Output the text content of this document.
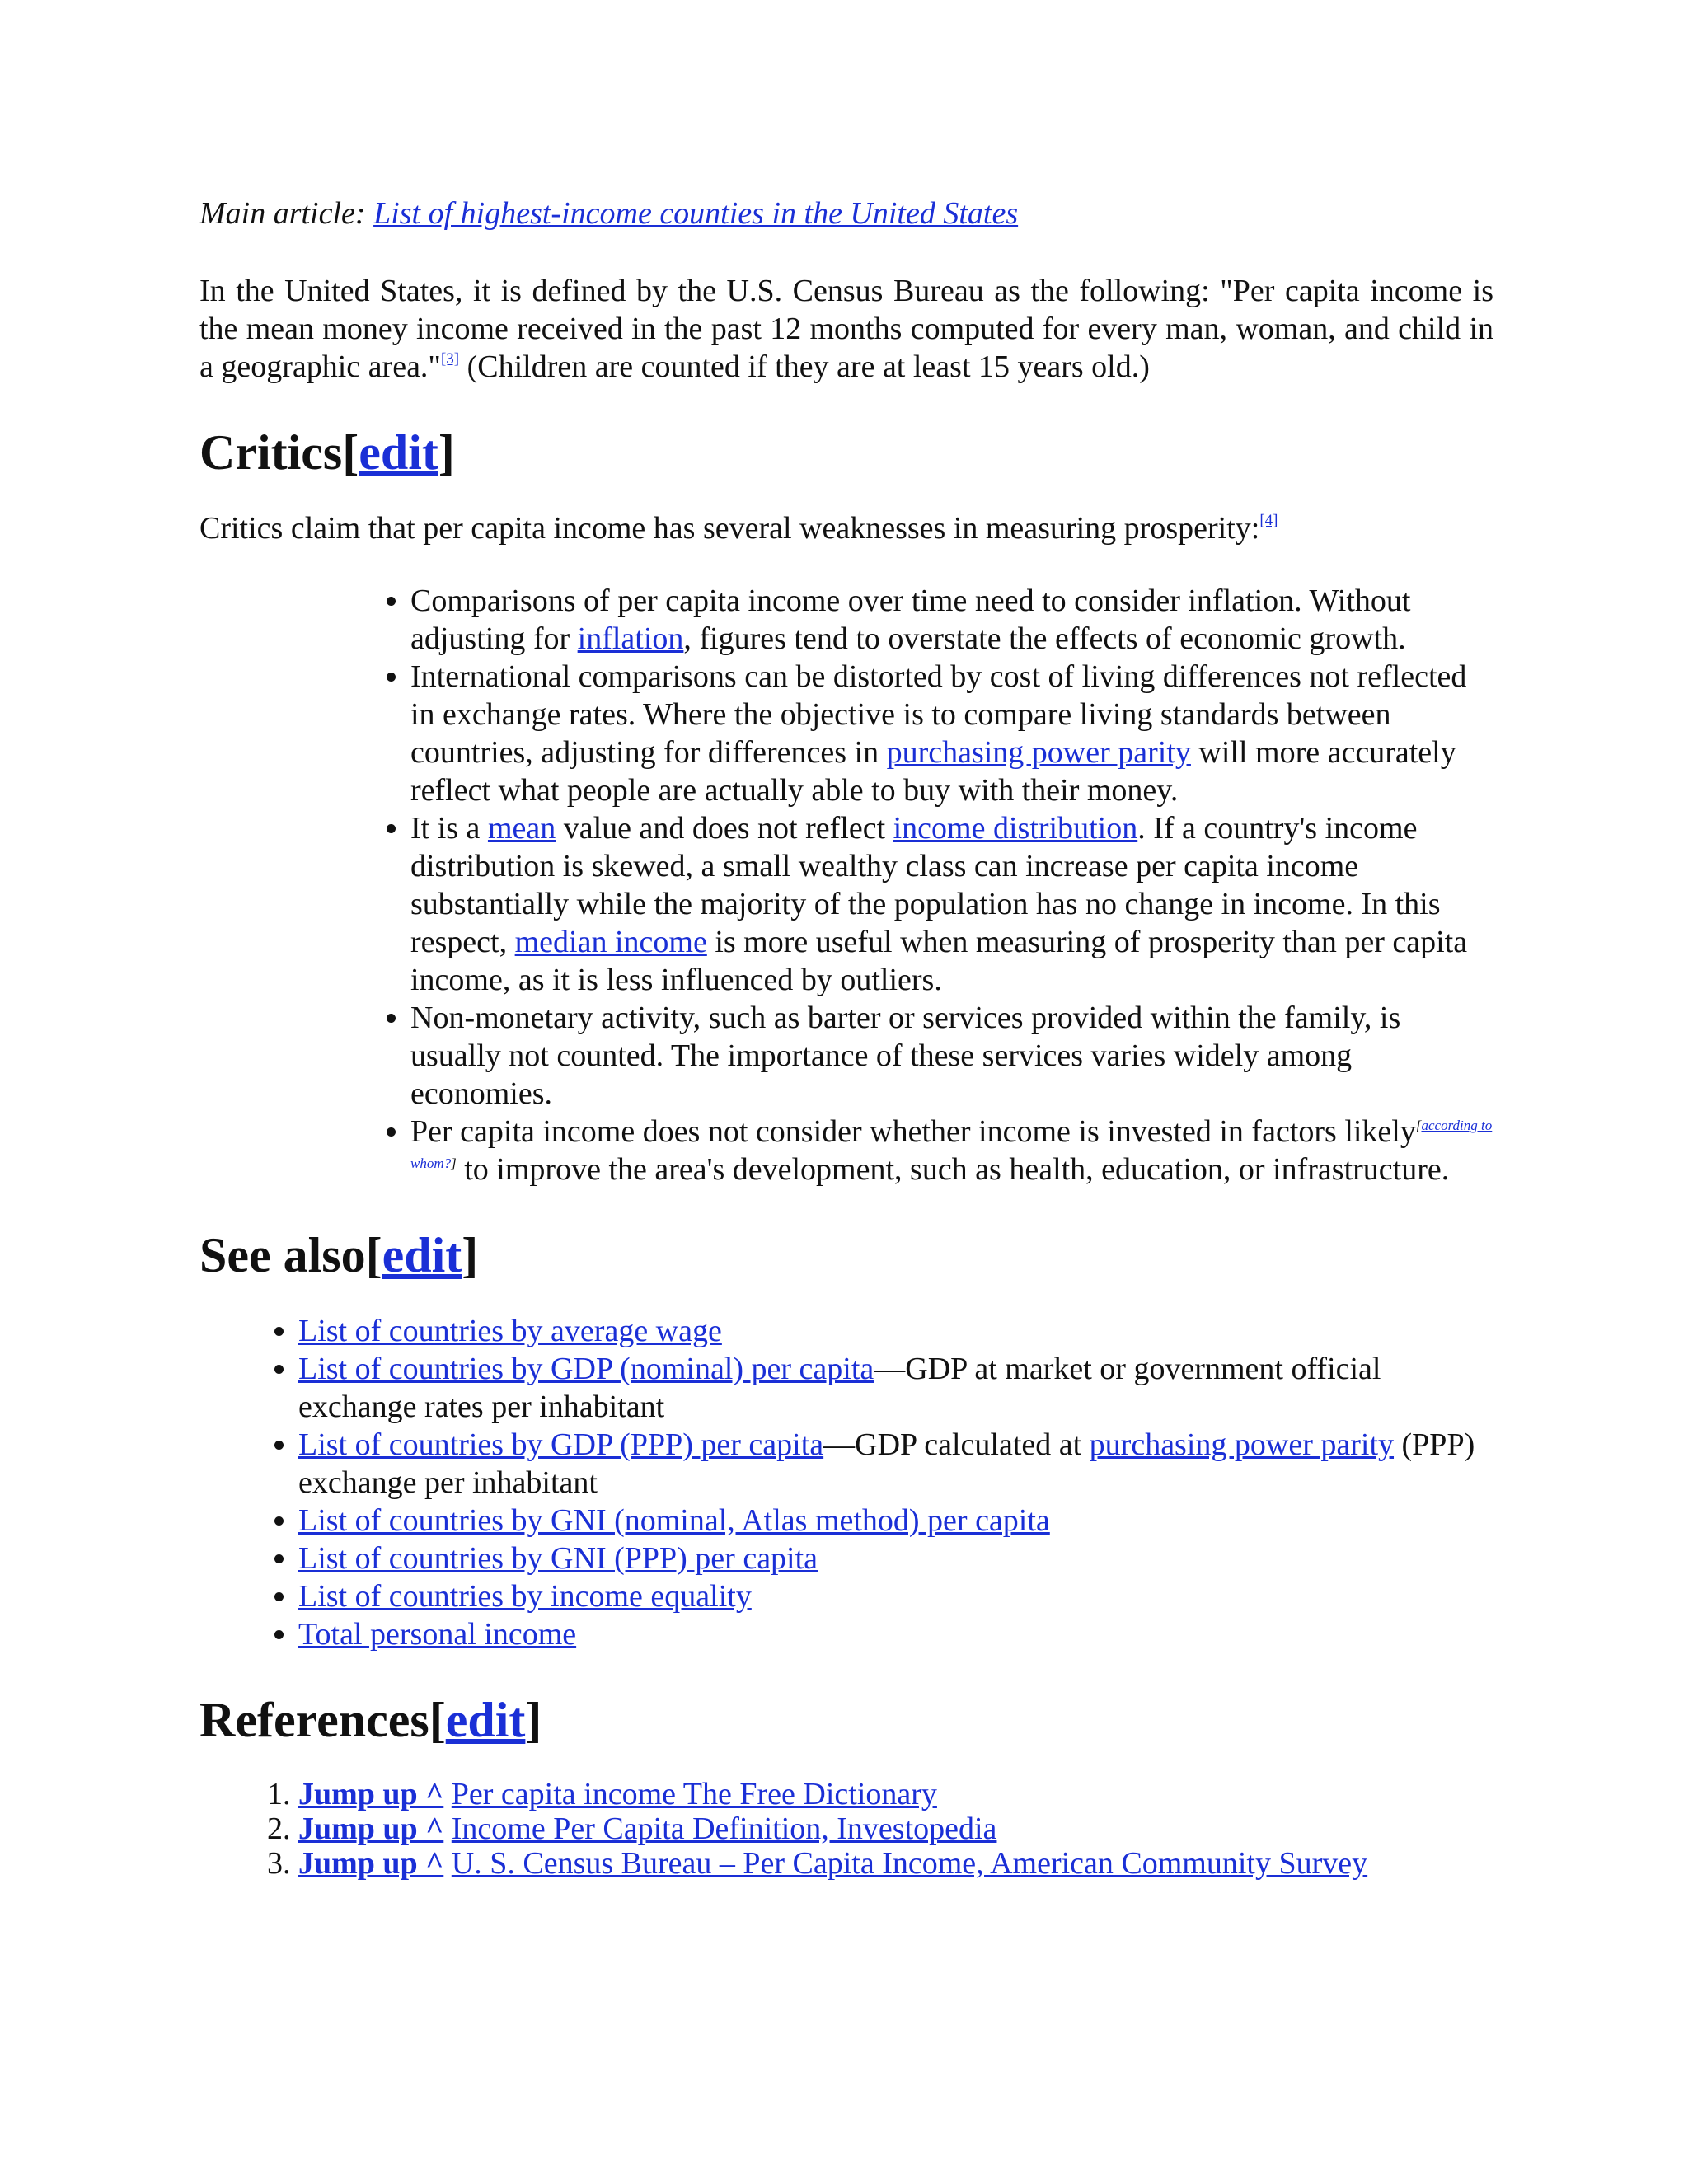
Main article: List of highest-income counties in the United States

In the United States, it is defined by the U.S. Census Bureau as the following: "Per capita income is the mean money income received in the past 12 months computed for every man, woman, and child in a geographic area."[3] (Children are counted if they are at least 15 years old.)

Critics[edit]

Critics claim that per capita income has several weaknesses in measuring prosperity:[4]

• Comparisons of per capita income over time need to consider inflation. Without adjusting for inflation, figures tend to overstate the effects of economic growth.
• International comparisons can be distorted by cost of living differences not reflected in exchange rates. Where the objective is to compare living standards between countries, adjusting for differences in purchasing power parity will more accurately reflect what people are actually able to buy with their money.
• It is a mean value and does not reflect income distribution. If a country's income distribution is skewed, a small wealthy class can increase per capita income substantially while the majority of the population has no change in income. In this respect, median income is more useful when measuring of prosperity than per capita income, as it is less influenced by outliers.
• Non-monetary activity, such as barter or services provided within the family, is usually not counted. The importance of these services varies widely among economies.
• Per capita income does not consider whether income is invested in factors likely[according to whom?] to improve the area's development, such as health, education, or infrastructure.
See also[edit]
• List of countries by average wage
• List of countries by GDP (nominal) per capita—GDP at market or government official exchange rates per inhabitant
• List of countries by GDP (PPP) per capita—GDP calculated at purchasing power parity (PPP) exchange per inhabitant
• List of countries by GNI (nominal, Atlas method) per capita
• List of countries by GNI (PPP) per capita
• List of countries by income equality
• Total personal income
References[edit]
1. Jump up ^ Per capita income The Free Dictionary
2. Jump up ^ Income Per Capita Definition, Investopedia
3. Jump up ^ U. S. Census Bureau – Per Capita Income, American Community Survey
